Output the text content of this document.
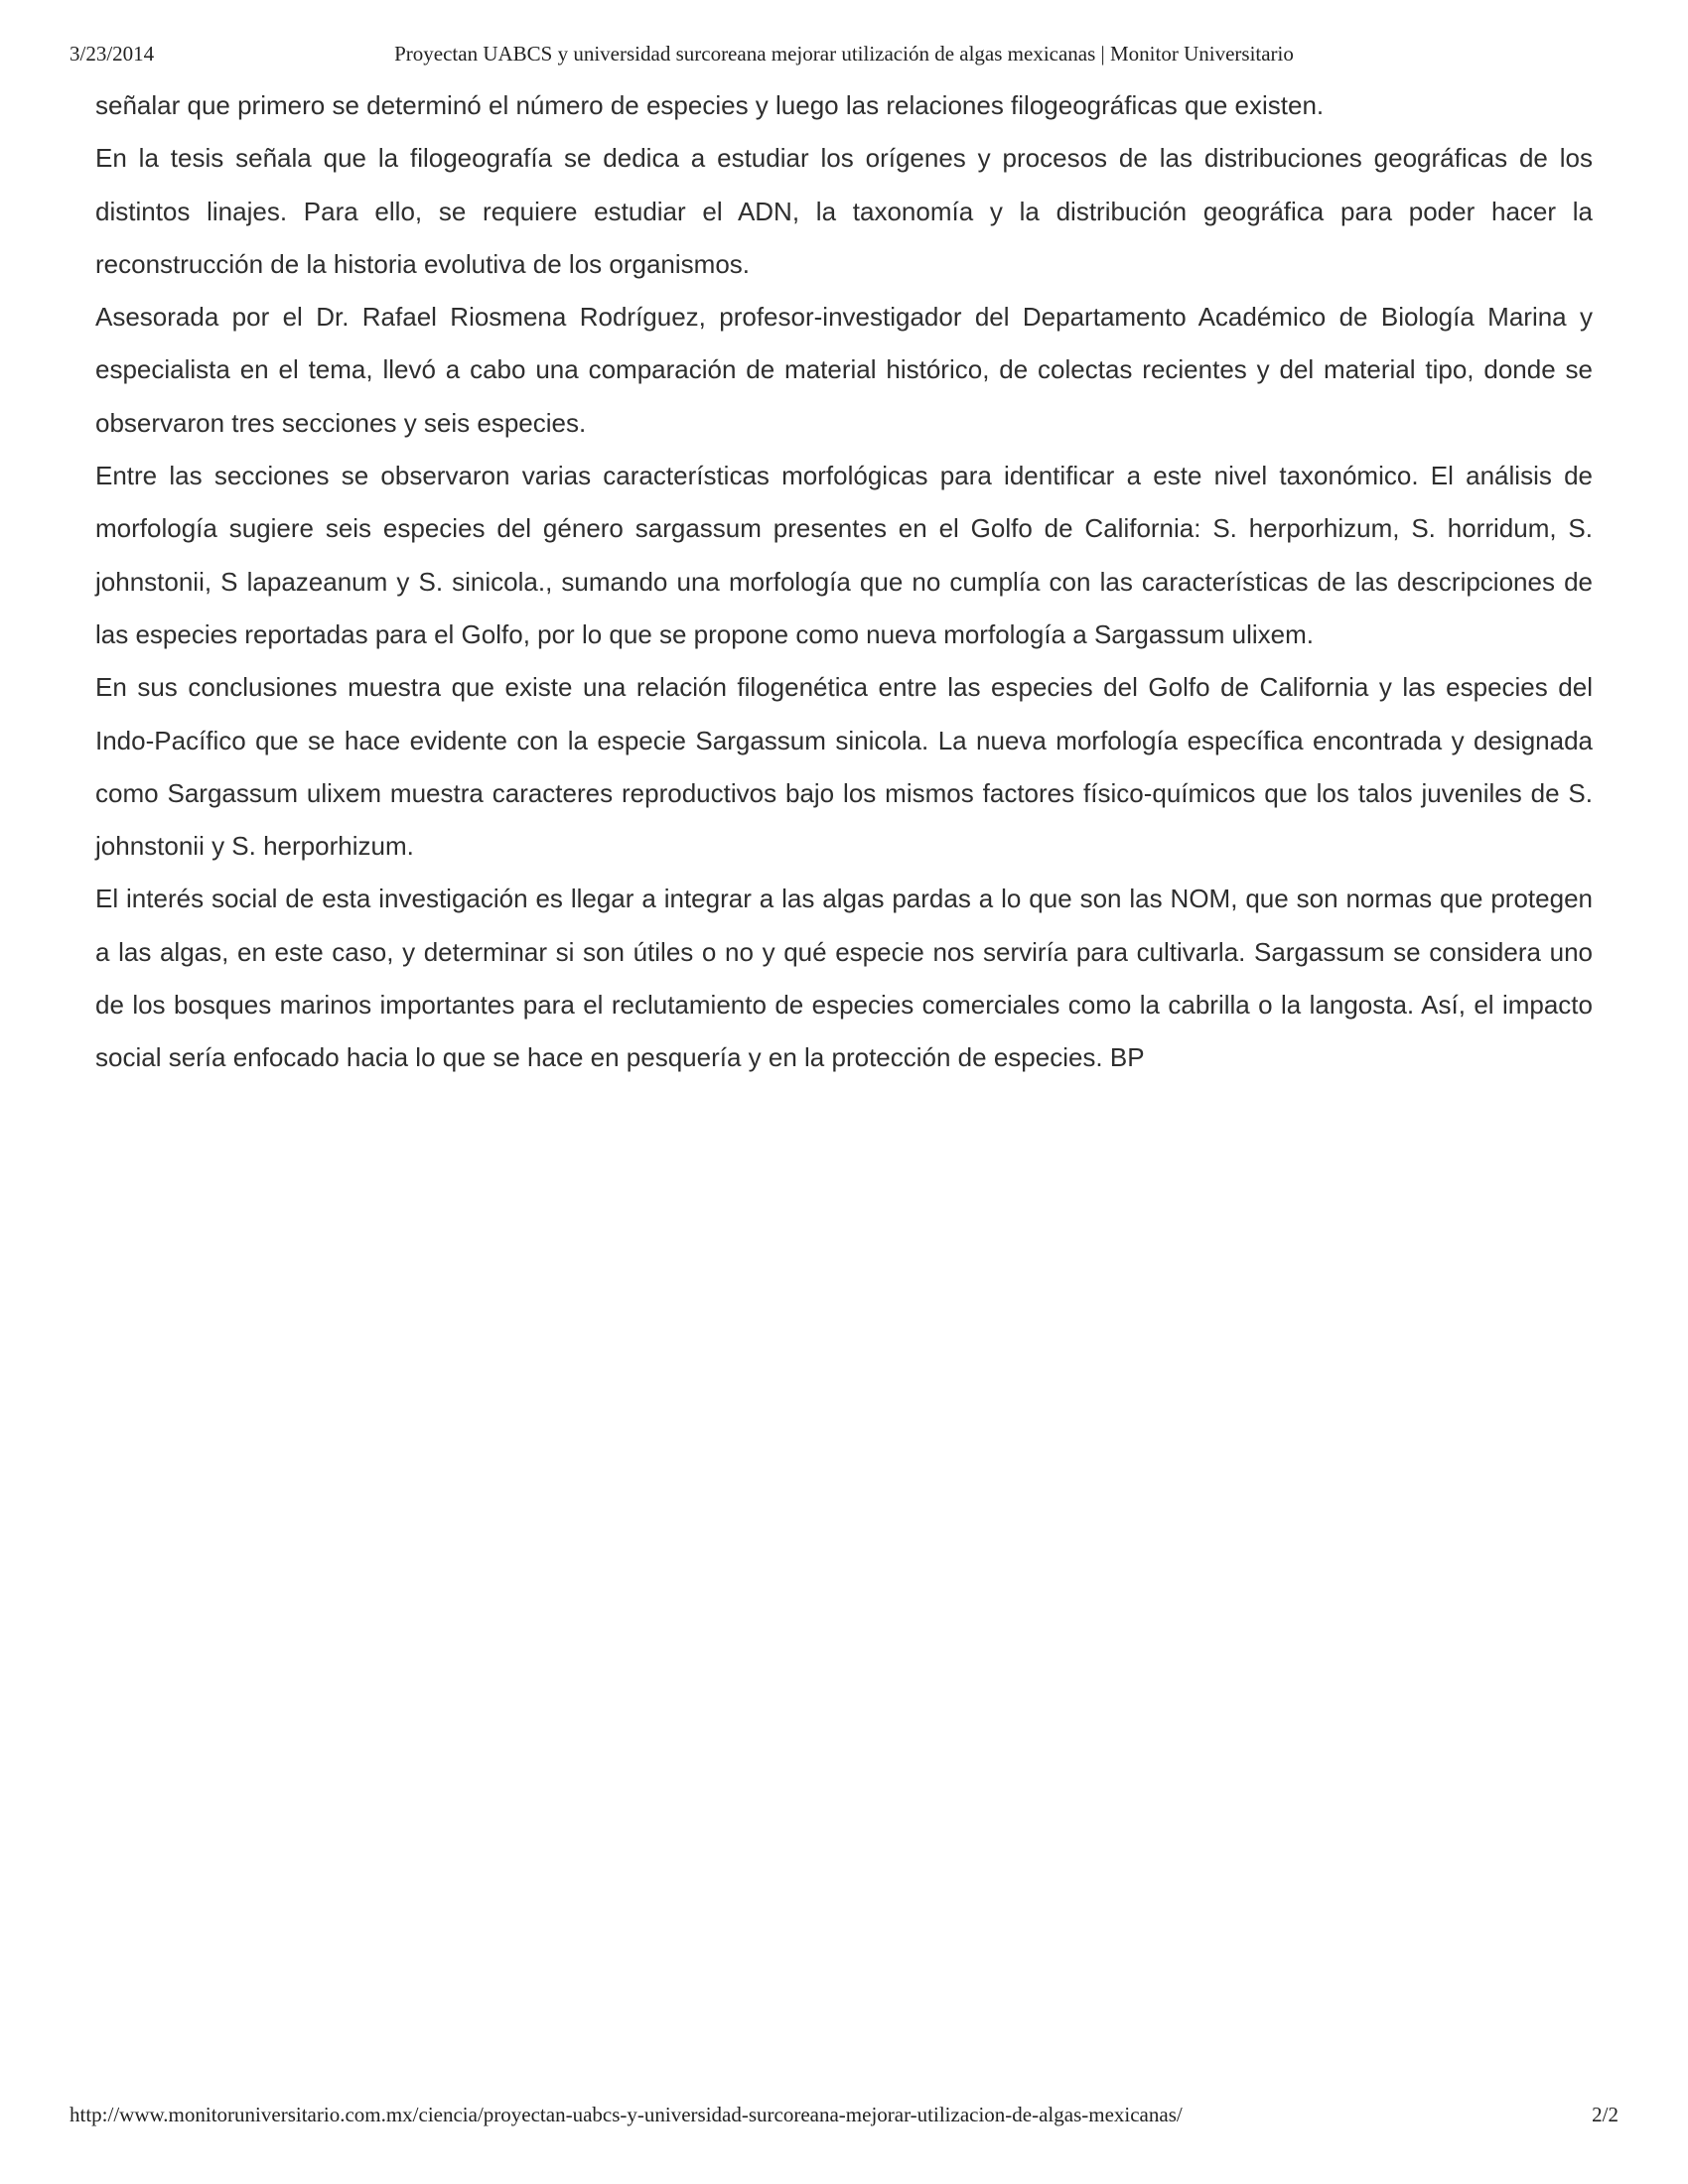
Proyectan UABCS y universidad surcoreana mejorar utilización de algas mexicanas | Monitor Universitario
3/23/2014

señalar que primero se determinó el número de especies y luego las relaciones filogeográficas que existen.

En la tesis señala que la filogeografía se dedica a estudiar los orígenes y procesos de las distribuciones geográficas de los distintos linajes. Para ello, se requiere estudiar el ADN, la taxonomía y la distribución geográfica para poder hacer la reconstrucción de la historia evolutiva de los organismos.

Asesorada por el Dr. Rafael Riosmena Rodríguez, profesor-investigador del Departamento Académico de Biología Marina y especialista en el tema, llevó a cabo una comparación de material histórico, de colectas recientes y del material tipo, donde se observaron tres secciones y seis especies.

Entre las secciones se observaron varias características morfológicas para identificar a este nivel taxonómico. El análisis de morfología sugiere seis especies del género sargassum presentes en el Golfo de California: S. herporhizum, S. horridum, S. johnstonii, S lapazeanum y S. sinicola., sumando una morfología que no cumplía con las características de las descripciones de las especies reportadas para el Golfo, por lo que se propone como nueva morfología a Sargassum ulixem.

En sus conclusiones muestra que existe una relación filogenética entre las especies del Golfo de California y las especies del Indo-Pacífico que se hace evidente con la especie Sargassum sinicola. La nueva morfología específica encontrada y designada como Sargassum ulixem muestra caracteres reproductivos bajo los mismos factores físico-químicos que los talos juveniles de S. johnstonii y S. herporhizum.

El interés social de esta investigación es llegar a integrar a las algas pardas a lo que son las NOM, que son normas que protegen a las algas, en este caso, y determinar si son útiles o no y qué especie nos serviría para cultivarla. Sargassum se considera uno de los bosques marinos importantes para el reclutamiento de especies comerciales como la cabrilla o la langosta. Así, el impacto social sería enfocado hacia lo que se hace en pesquería y en la protección de especies. BP

http://www.monitoruniversitario.com.mx/ciencia/proyectan-uabcs-y-universidad-surcoreana-mejorar-utilizacion-de-algas-mexicanas/	2/2
